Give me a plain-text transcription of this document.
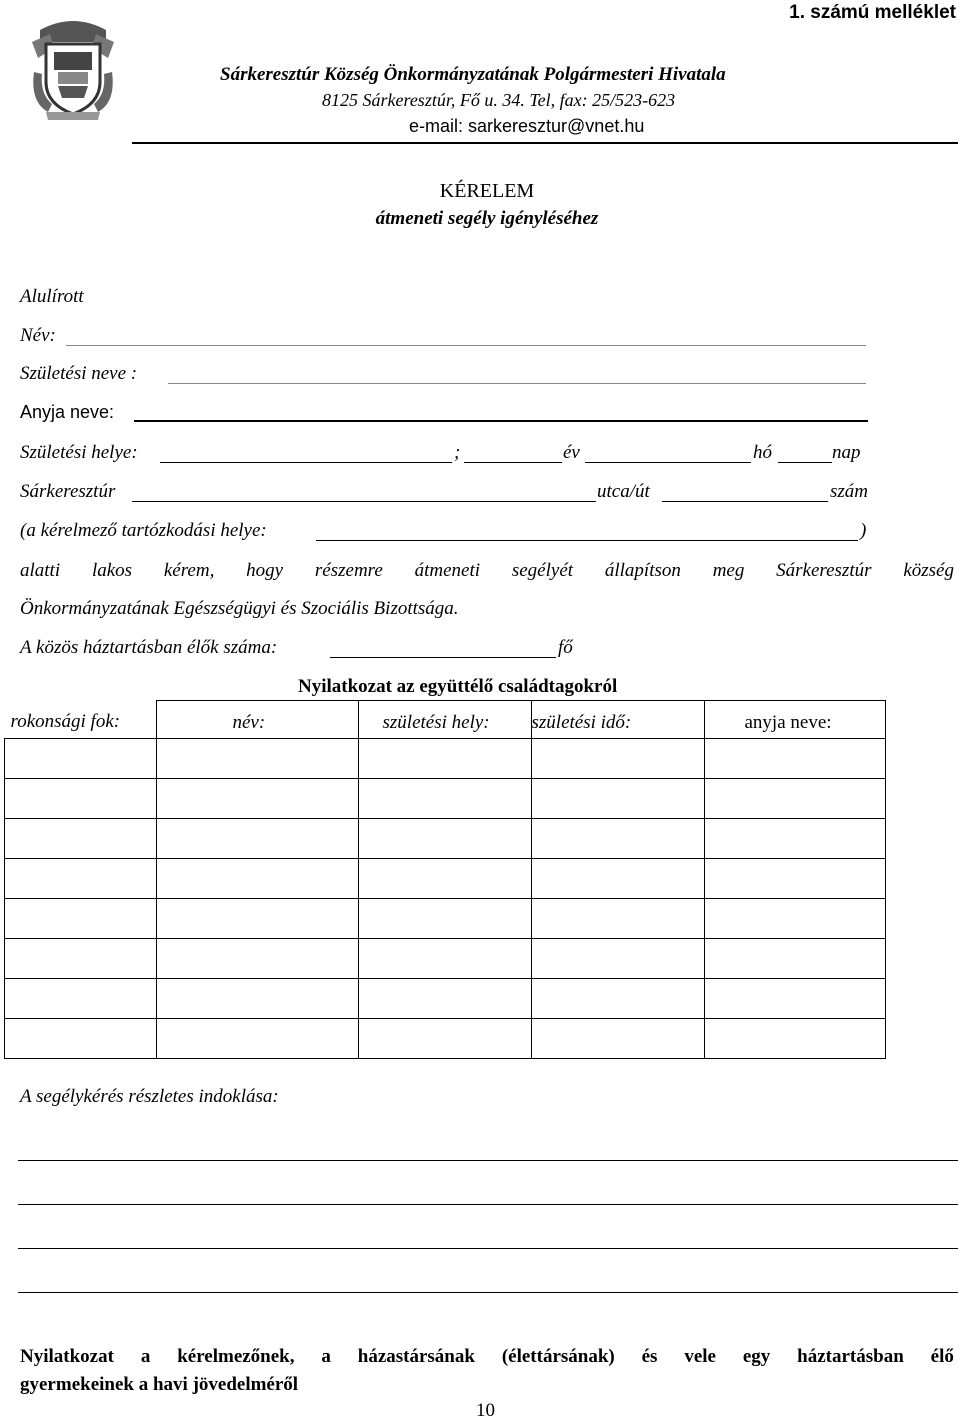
1. számú melléklet
Sárkeresztúr Község Önkormányzatának Polgármesteri Hivatala
8125 Sárkeresztúr, Fő u. 34. Tel, fax: 25/523-623
e-mail: sarkeresztur@vnet.hu
KÉRELEM
átmeneti segély igényléséhez
Alulírott
Név:
Születési neve :
Anyja neve:
Születési helye:	;	év	hó	nap
Sárkeresztúr	utca/út	szám
(a kérelmező tartózkodási helye:	)
alatti lakos kérem, hogy részemre átmeneti segélyét állapítson meg Sárkeresztúr község
Önkormányzatának Egészségügyi és Szociális Bizottsága.
A közös háztartásban élők száma:	fő
Nyilatkozat az együttélő családtagokról
rokonsági fok:	név:	születési hely:	születési idő:	anyja neve:

A segélykérés részletes indoklása:
Nyilatkozat a kérelmezőnek, a házastársának (élettársának) és vele egy háztartásban élő
gyermekeinek a havi jövedelméről
10
